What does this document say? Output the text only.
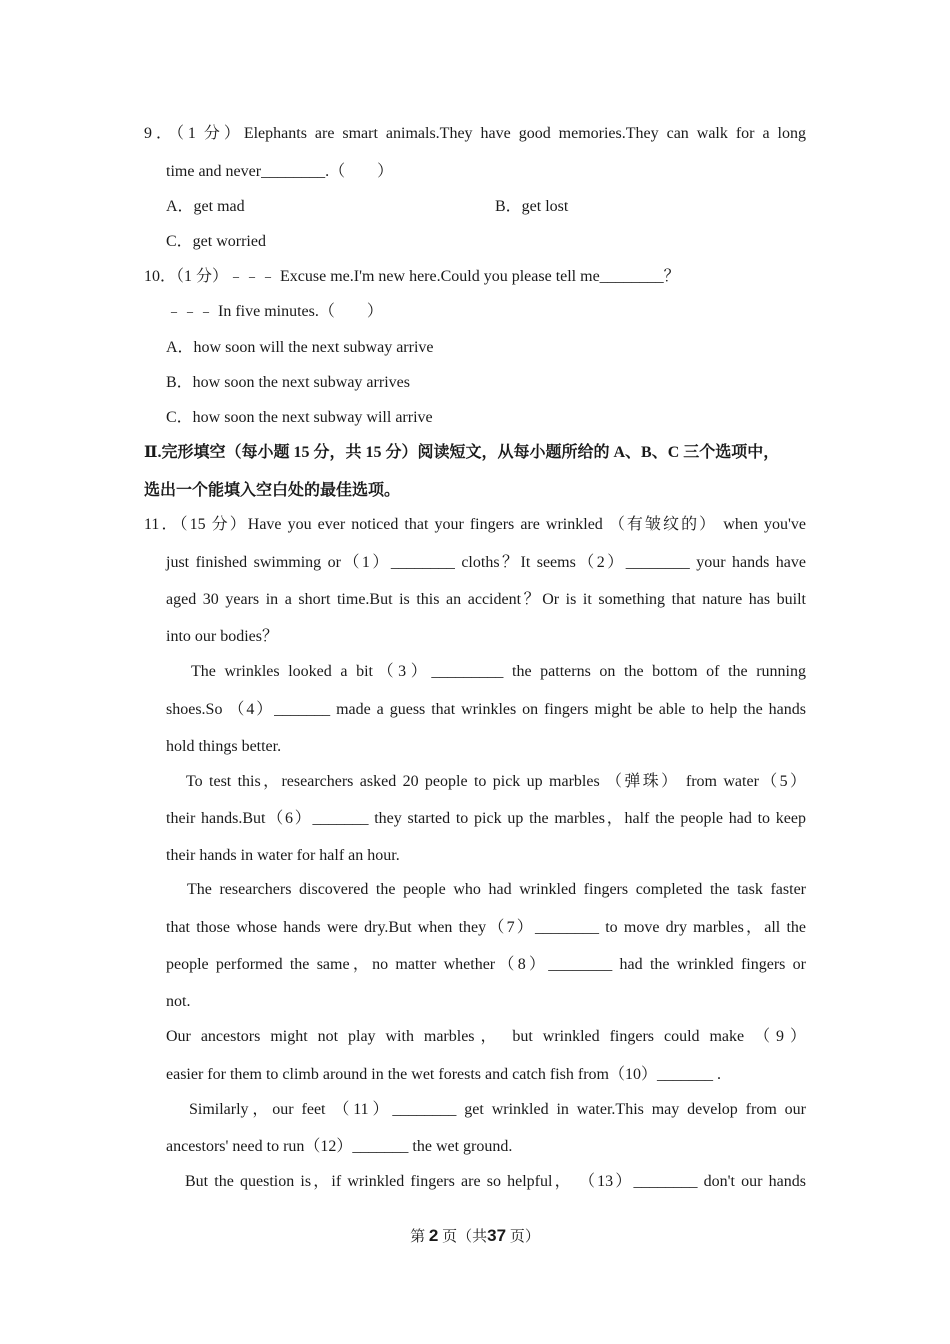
9．（1 分）Elephants are smart animals.They have good memories.They can walk for a long
time and never________.（　　）
A．get mad	B．get lost
C．get worried
10．（1 分）﹣﹣﹣ Excuse me.I'm new here.Could you please tell me________？
﹣﹣﹣ In five minutes.（　　）
A．how soon will the next subway arrive
B．how soon the next subway arrives
C．how soon the next subway will arrive
Ⅱ.完形填空（每小题 15 分，共 15 分）阅读短文，从每小题所给的 A、B、C 三个选项中，
选出一个能填入空白处的最佳选项。
11．（15 分）Have you ever noticed that your fingers are wrinkled （有皱纹的） when you've
just finished swimming or（1）________ cloths？It seems（2）________ your hands have
aged 30 years in a short time.But is this an accident？Or is it something that nature has built
into our bodies？
The wrinkles looked a bit（3）_________ the patterns on the bottom of the running
shoes.So （4）_______ made a guess that wrinkles on fingers might be able to help the hands
hold things better.
To test this，researchers asked 20 people to pick up marbles （弹珠） from water（5）
their hands.But（6）_______ they started to pick up the marbles，half the people had to keep
their hands in water for half an hour.
The researchers discovered the people who had wrinkled fingers completed the task faster
that those whose hands were dry.But when they（7）________ to move dry marbles，all the
people performed the same，no matter whether（8）________ had the wrinkled fingers or
not.
Our ancestors might not play with marbles， but wrinkled fingers could make （9）
easier for them to climb around in the wet forests and catch fish from（10）_______ .
Similarly，our feet （11）________ get wrinkled in water.This may develop from our
ancestors' need to run（12）_______ the wet ground.
But the question is，if wrinkled fingers are so helpful， （13）________ don't our hands
第 2 页（共37 页）
